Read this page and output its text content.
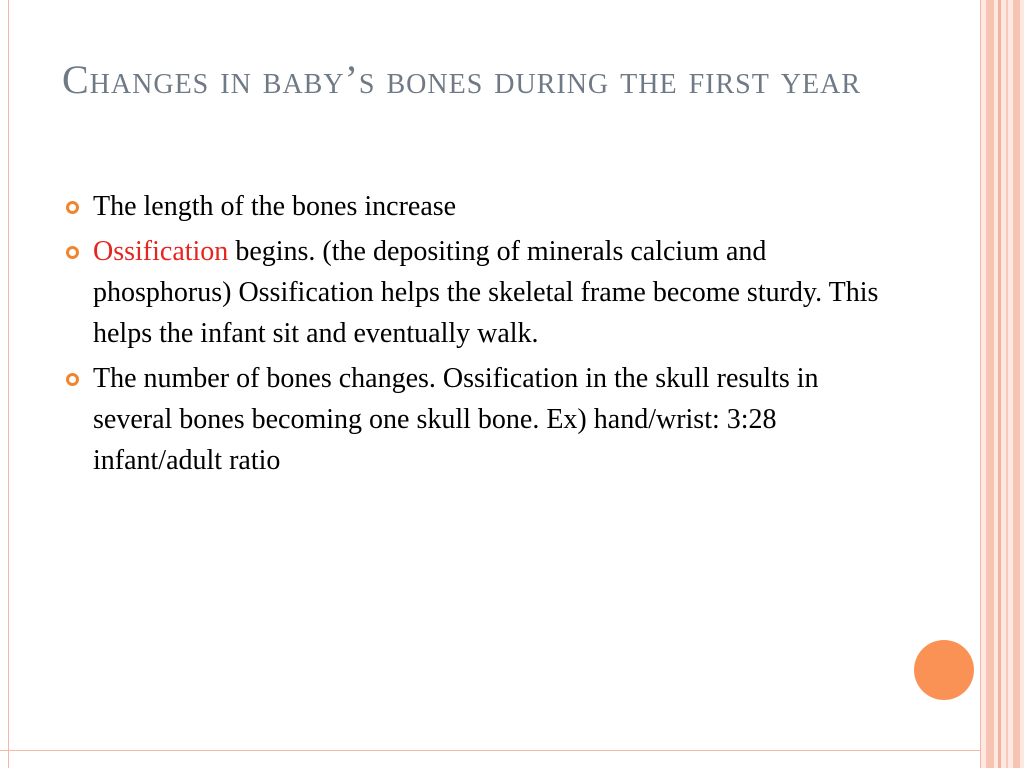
Changes in baby’s bones during the first year
The length of the bones increase
Ossification begins. (the depositing of minerals calcium and phosphorus) Ossification helps the skeletal frame become sturdy. This helps the infant sit and eventually walk.
The number of bones changes. Ossification in the skull results in several bones becoming one skull bone. Ex) hand/wrist: 3:28 infant/adult ratio
